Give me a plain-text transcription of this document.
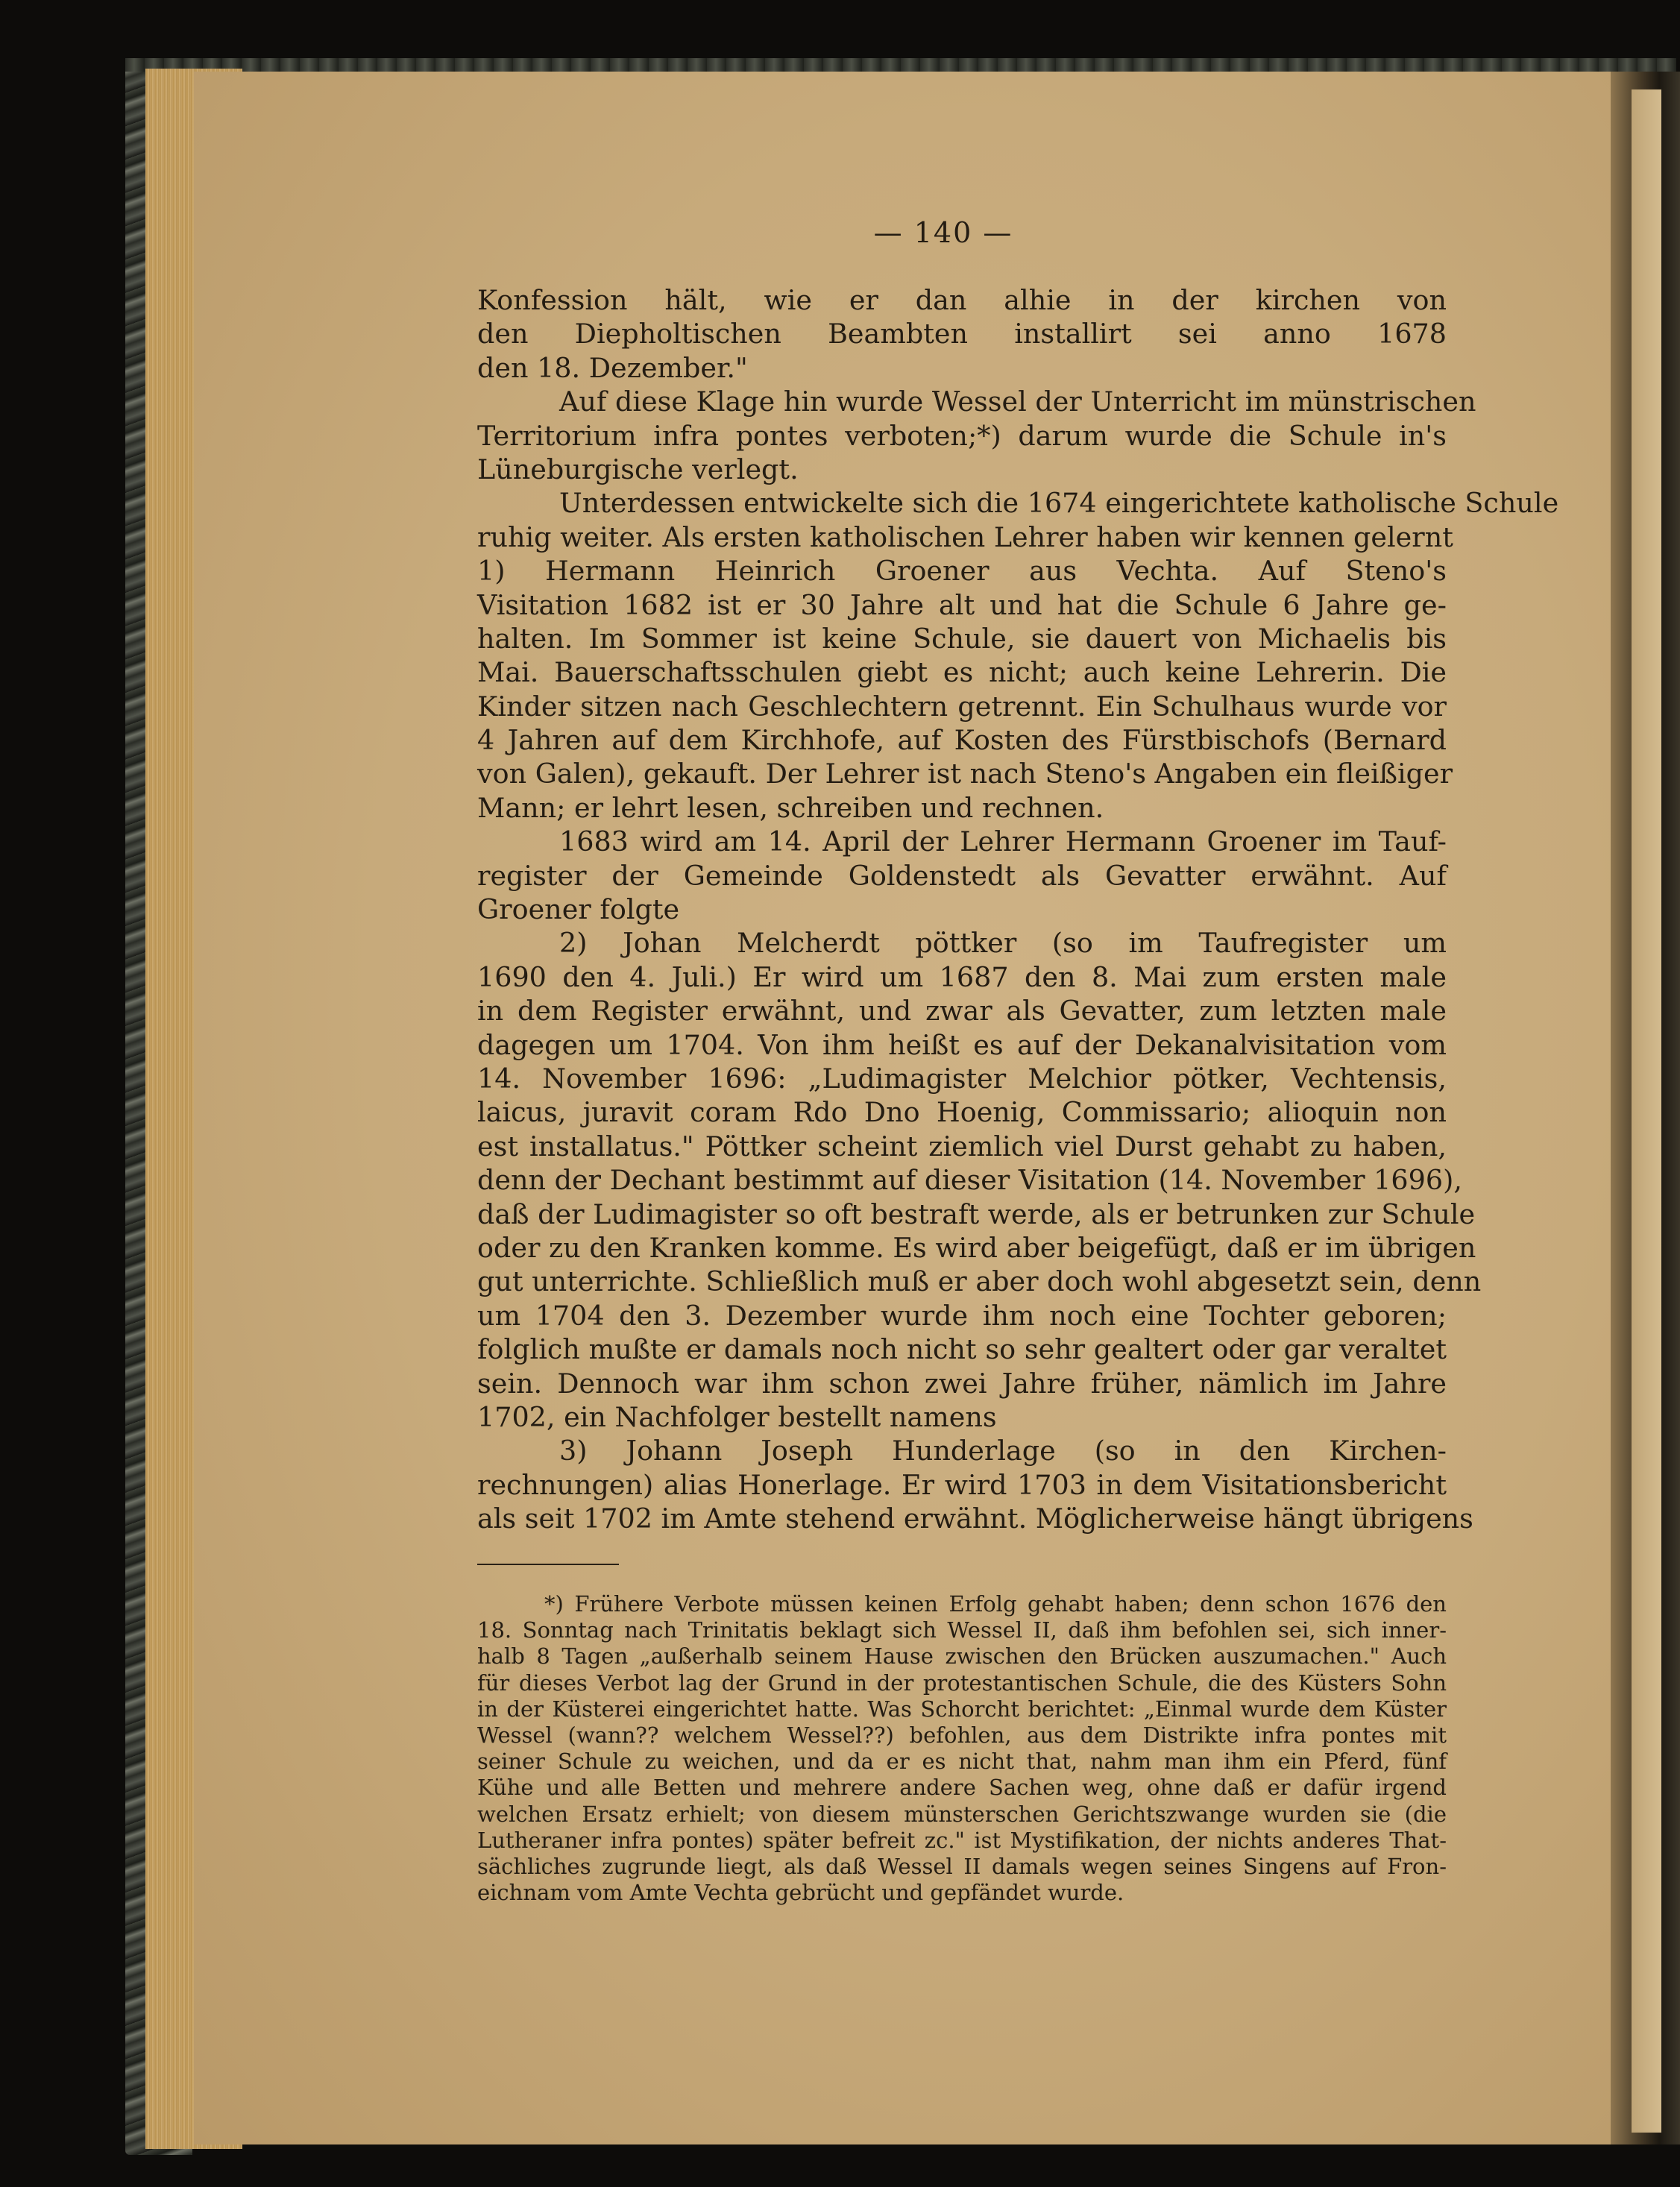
— 140 —
Konfession hält, wie er dan alhie in der kirchen von
den Diepholtischen Beambten installirt sei anno 1678
den 18. Dezember."
Auf diese Klage hin wurde Wessel der Unterricht im münstrischen
Territorium infra pontes verboten;*) darum wurde die Schule in's
Lüneburgische verlegt.
Unterdessen entwickelte sich die 1674 eingerichtete katholische Schule
ruhig weiter. Als ersten katholischen Lehrer haben wir kennen gelernt
1) Hermann Heinrich Groener aus Vechta. Auf Steno's
Visitation 1682 ist er 30 Jahre alt und hat die Schule 6 Jahre ge-
halten. Im Sommer ist keine Schule, sie dauert von Michaelis bis
Mai. Bauerschaftsschulen giebt es nicht; auch keine Lehrerin. Die
Kinder sitzen nach Geschlechtern getrennt. Ein Schulhaus wurde vor
4 Jahren auf dem Kirchhofe, auf Kosten des Fürstbischofs (Bernard
von Galen), gekauft. Der Lehrer ist nach Steno's Angaben ein fleißiger
Mann; er lehrt lesen, schreiben und rechnen.
1683 wird am 14. April der Lehrer Hermann Groener im Tauf-
register der Gemeinde Goldenstedt als Gevatter erwähnt. Auf
Groener folgte
2) Johan Melcherdt pöttker (so im Taufregister um
1690 den 4. Juli.) Er wird um 1687 den 8. Mai zum ersten male
in dem Register erwähnt, und zwar als Gevatter, zum letzten male
dagegen um 1704. Von ihm heißt es auf der Dekanalvisitation vom
14. November 1696: „Ludimagister Melchior pötker, Vechtensis,
laicus, juravit coram Rdo Dno Hoenig, Commissario; alioquin non
est installatus." Pöttker scheint ziemlich viel Durst gehabt zu haben,
denn der Dechant bestimmt auf dieser Visitation (14. November 1696),
daß der Ludimagister so oft bestraft werde, als er betrunken zur Schule
oder zu den Kranken komme. Es wird aber beigefügt, daß er im übrigen
gut unterrichte. Schließlich muß er aber doch wohl abgesetzt sein, denn
um 1704 den 3. Dezember wurde ihm noch eine Tochter geboren;
folglich mußte er damals noch nicht so sehr gealtert oder gar veraltet
sein. Dennoch war ihm schon zwei Jahre früher, nämlich im Jahre
1702, ein Nachfolger bestellt namens
3) Johann Joseph Hunderlage (so in den Kirchen-
rechnungen) alias Honerlage. Er wird 1703 in dem Visitationsbericht
als seit 1702 im Amte stehend erwähnt. Möglicherweise hängt übrigens
*) Frühere Verbote müssen keinen Erfolg gehabt haben; denn schon 1676 den
18. Sonntag nach Trinitatis beklagt sich Wessel II, daß ihm befohlen sei, sich inner-
halb 8 Tagen „außerhalb seinem Hause zwischen den Brücken auszumachen." Auch
für dieses Verbot lag der Grund in der protestantischen Schule, die des Küsters Sohn
in der Küsterei eingerichtet hatte. Was Schorcht berichtet: „Einmal wurde dem Küster
Wessel (wann?? welchem Wessel??) befohlen, aus dem Distrikte infra pontes mit
seiner Schule zu weichen, und da er es nicht that, nahm man ihm ein Pferd, fünf
Kühe und alle Betten und mehrere andere Sachen weg, ohne daß er dafür irgend
welchen Ersatz erhielt; von diesem münsterschen Gerichtszwange wurden sie (die
Lutheraner infra pontes) später befreit zc." ist Mystifikation, der nichts anderes That-
sächliches zugrunde liegt, als daß Wessel II damals wegen seines Singens auf Fron-
eichnam vom Amte Vechta gebrücht und gepfändet wurde.
